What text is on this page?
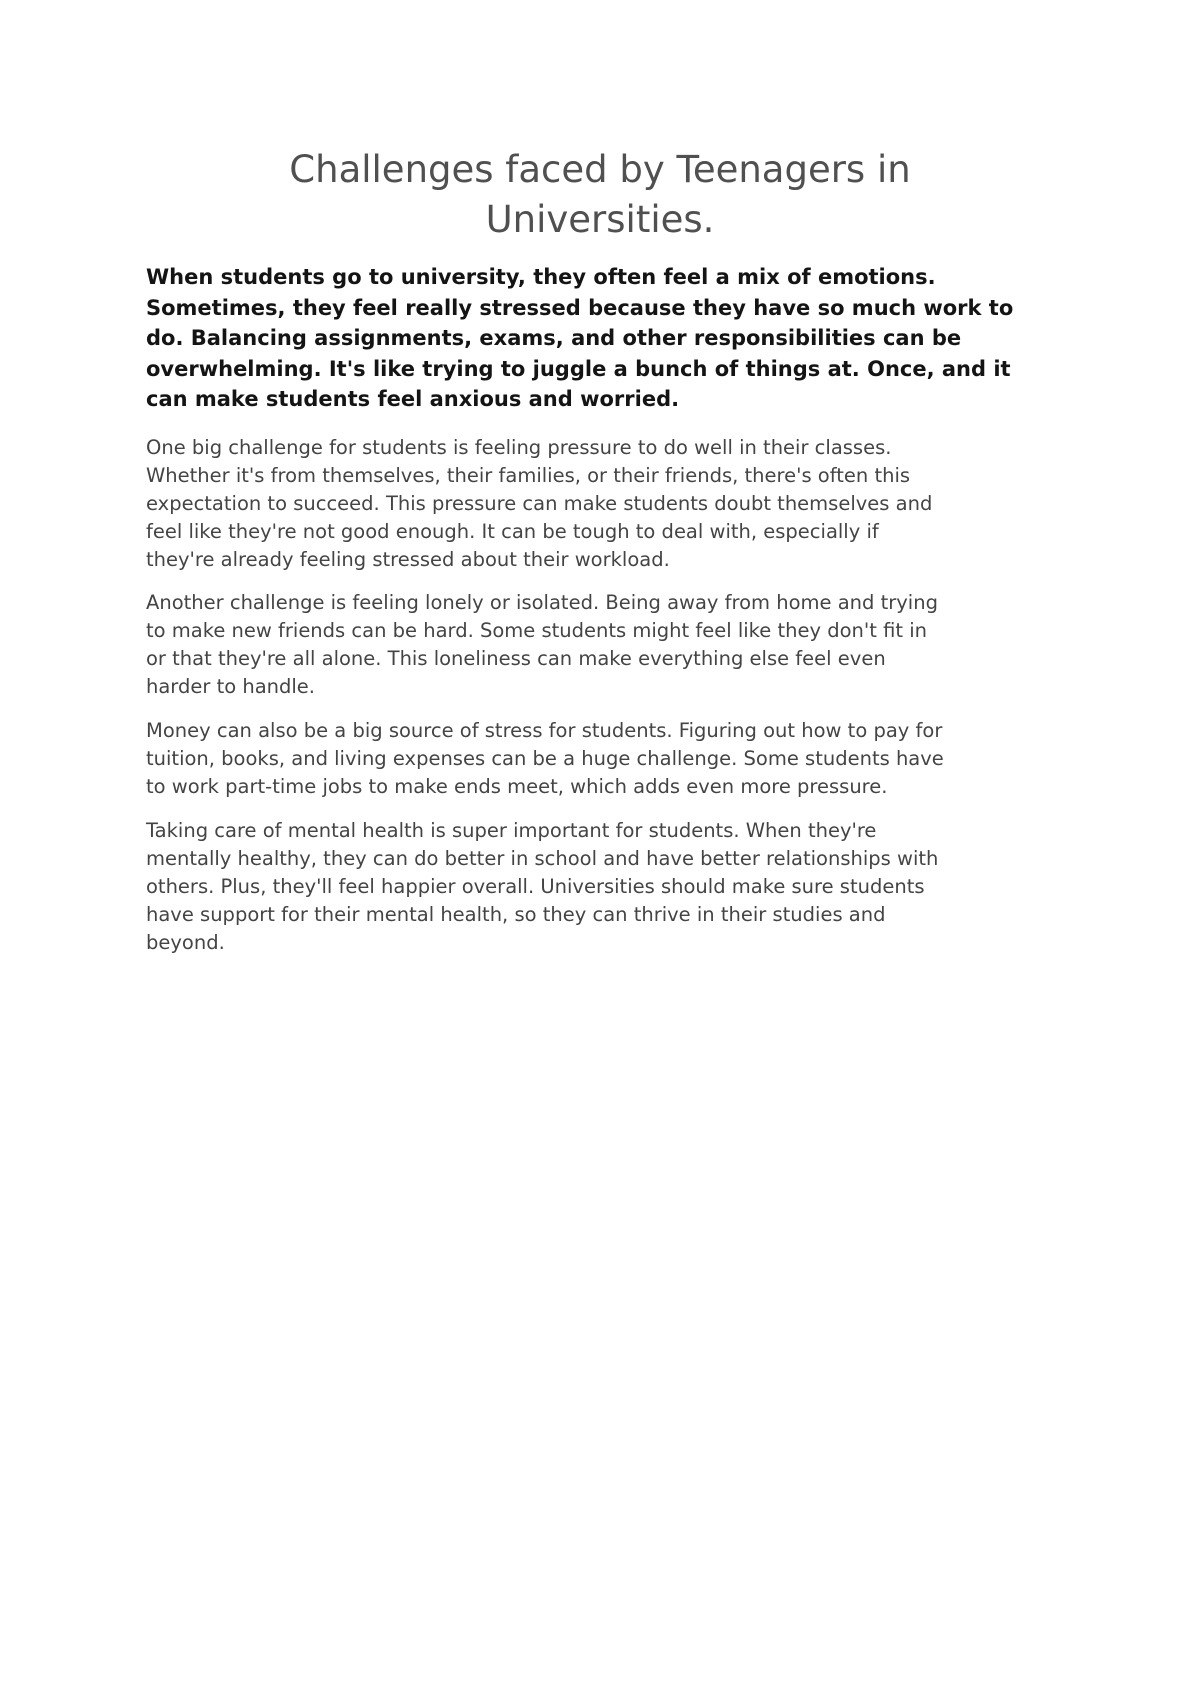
Challenges faced by Teenagers in
Universities.

When students go to university, they often feel a mix of emotions.
Sometimes, they feel really stressed because they have so much work to
do. Balancing assignments, exams, and other responsibilities can be
overwhelming. It's like trying to juggle a bunch of things at. Once, and it
can make students feel anxious and worried.

One big challenge for students is feeling pressure to do well in their classes.
Whether it's from themselves, their families, or their friends, there's often this
expectation to succeed. This pressure can make students doubt themselves and
feel like they're not good enough. It can be tough to deal with, especially if
they're already feeling stressed about their workload.

Another challenge is feeling lonely or isolated. Being away from home and trying
to make new friends can be hard. Some students might feel like they don't fit in
or that they're all alone. This loneliness can make everything else feel even
harder to handle.

Money can also be a big source of stress for students. Figuring out how to pay for
tuition, books, and living expenses can be a huge challenge. Some students have
to work part-time jobs to make ends meet, which adds even more pressure.

Taking care of mental health is super important for students. When they're
mentally healthy, they can do better in school and have better relationships with
others. Plus, they'll feel happier overall. Universities should make sure students
have support for their mental health, so they can thrive in their studies and
beyond.
